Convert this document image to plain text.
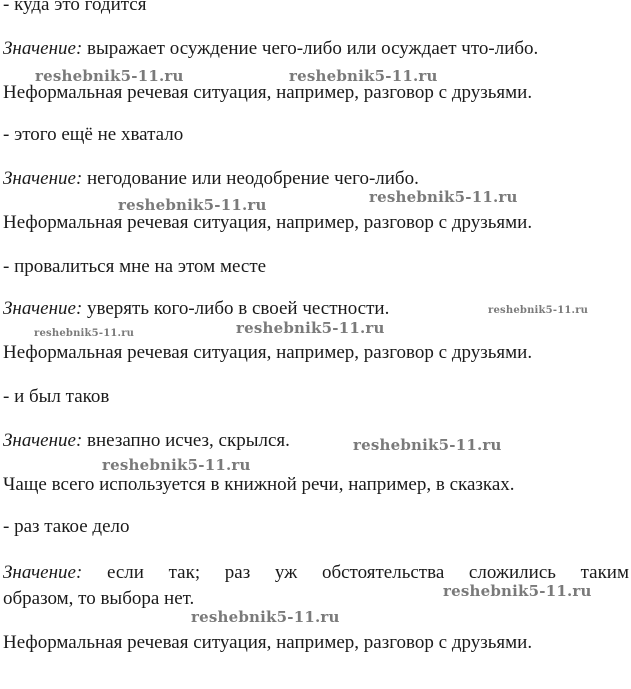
- куда это годится
Значение: выражает осуждение чего-либо или осуждает что-либо.
Неформальная речевая ситуация, например, разговор с друзьями.
- этого ещё не хватало
Значение: негодование или неодобрение чего-либо.
Неформальная речевая ситуация, например, разговор с друзьями.
- провалиться мне на этом месте
Значение: уверять кого-либо в своей честности.
Неформальная речевая ситуация, например, разговор с друзьями.
- и был таков
Значение: внезапно исчез, скрылся.
Чаще всего используется в книжной речи, например, в сказках.
- раз такое дело
Значение: если так; раз уж обстоятельства сложились таким
образом, то выбора нет.
Неформальная речевая ситуация, например, разговор с друзьями.
reshebnik5-11.ru	reshebnik5-11.ru
reshebnik5-11.ru	reshebnik5-11.ru
reshebnik5-11.ru
reshebnik5-11.ru	reshebnik5-11.ru
reshebnik5-11.ru
reshebnik5-11.ru
reshebnik5-11.ru
reshebnik5-11.ru
